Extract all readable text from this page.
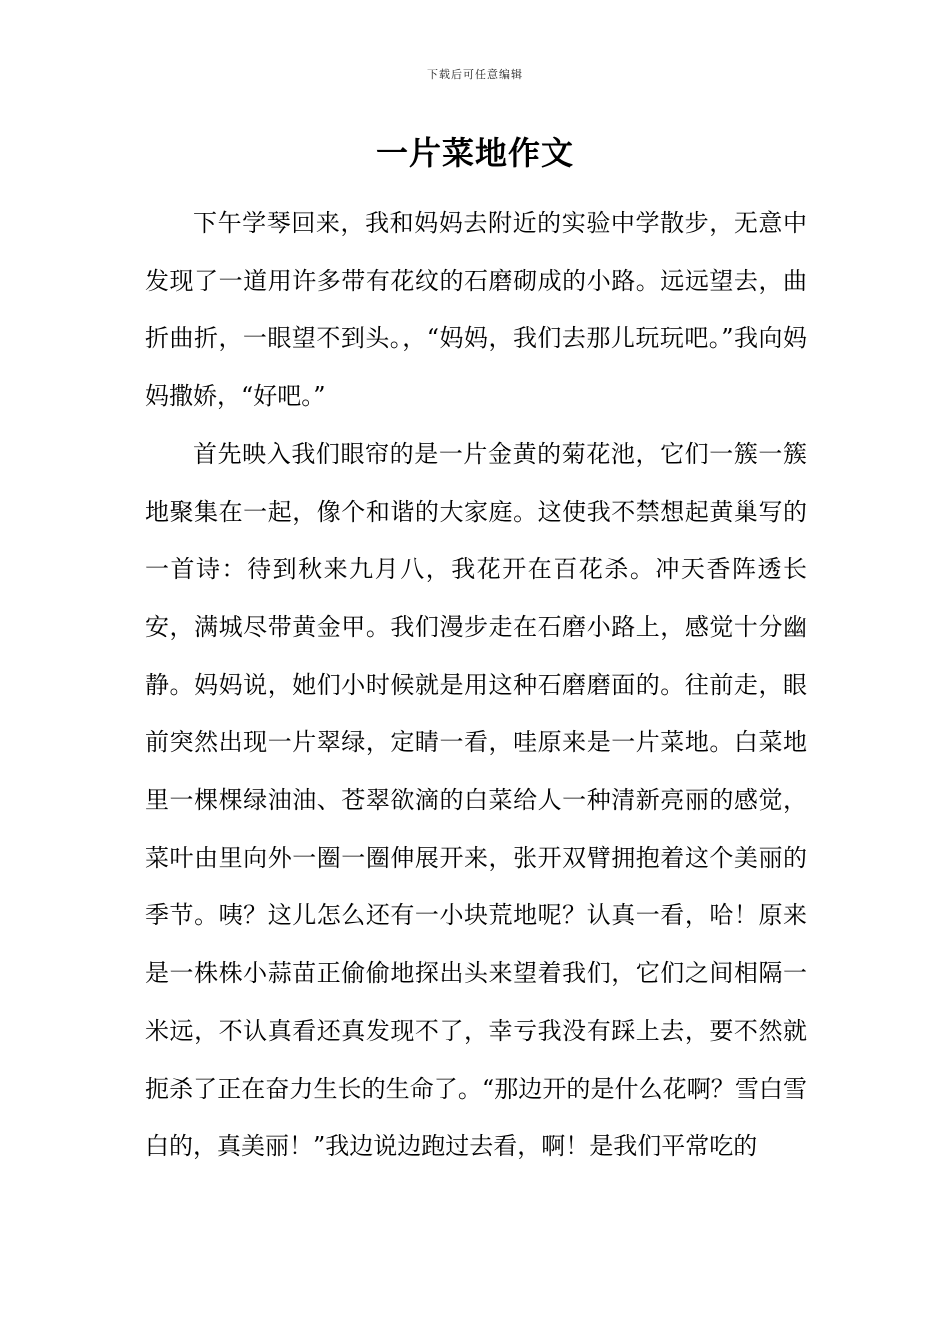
下载后可任意编辑
一片菜地作文

下午学琴回来，我和妈妈去附近的实验中学散步，无意中发现了一道用许多带有花纹的石磨砌成的小路。远远望去，曲折曲折，一眼望不到头。，“妈妈，我们去那儿玩玩吧。”我向妈妈撒娇，“好吧。”

首先映入我们眼帘的是一片金黄的菊花池，它们一簇一簇地聚集在一起，像个和谐的大家庭。这使我不禁想起黄巢写的一首诗：待到秋来九月八，我花开在百花杀。冲天香阵透长安，满城尽带黄金甲。我们漫步走在石磨小路上，感觉十分幽静。妈妈说，她们小时候就是用这种石磨磨面的。往前走，眼前突然出现一片翠绿，定睛一看，哇原来是一片菜地。白菜地里一棵棵绿油油、苍翠欲滴的白菜给人一种清新亮丽的感觉，菜叶由里向外一圈一圈伸展开来，张开双臂拥抱着这个美丽的季节。咦？这儿怎么还有一小块荒地呢？认真一看，哈！原来是一株株小蒜苗正偷偷地探出头来望着我们，它们之间相隔一米远，不认真看还真发现不了，幸亏我没有踩上去，要不然就扼杀了正在奋力生长的生命了。“那边开的是什么花啊？雪白雪白的，真美丽！”我边说边跑过去看，啊！是我们平常吃的
